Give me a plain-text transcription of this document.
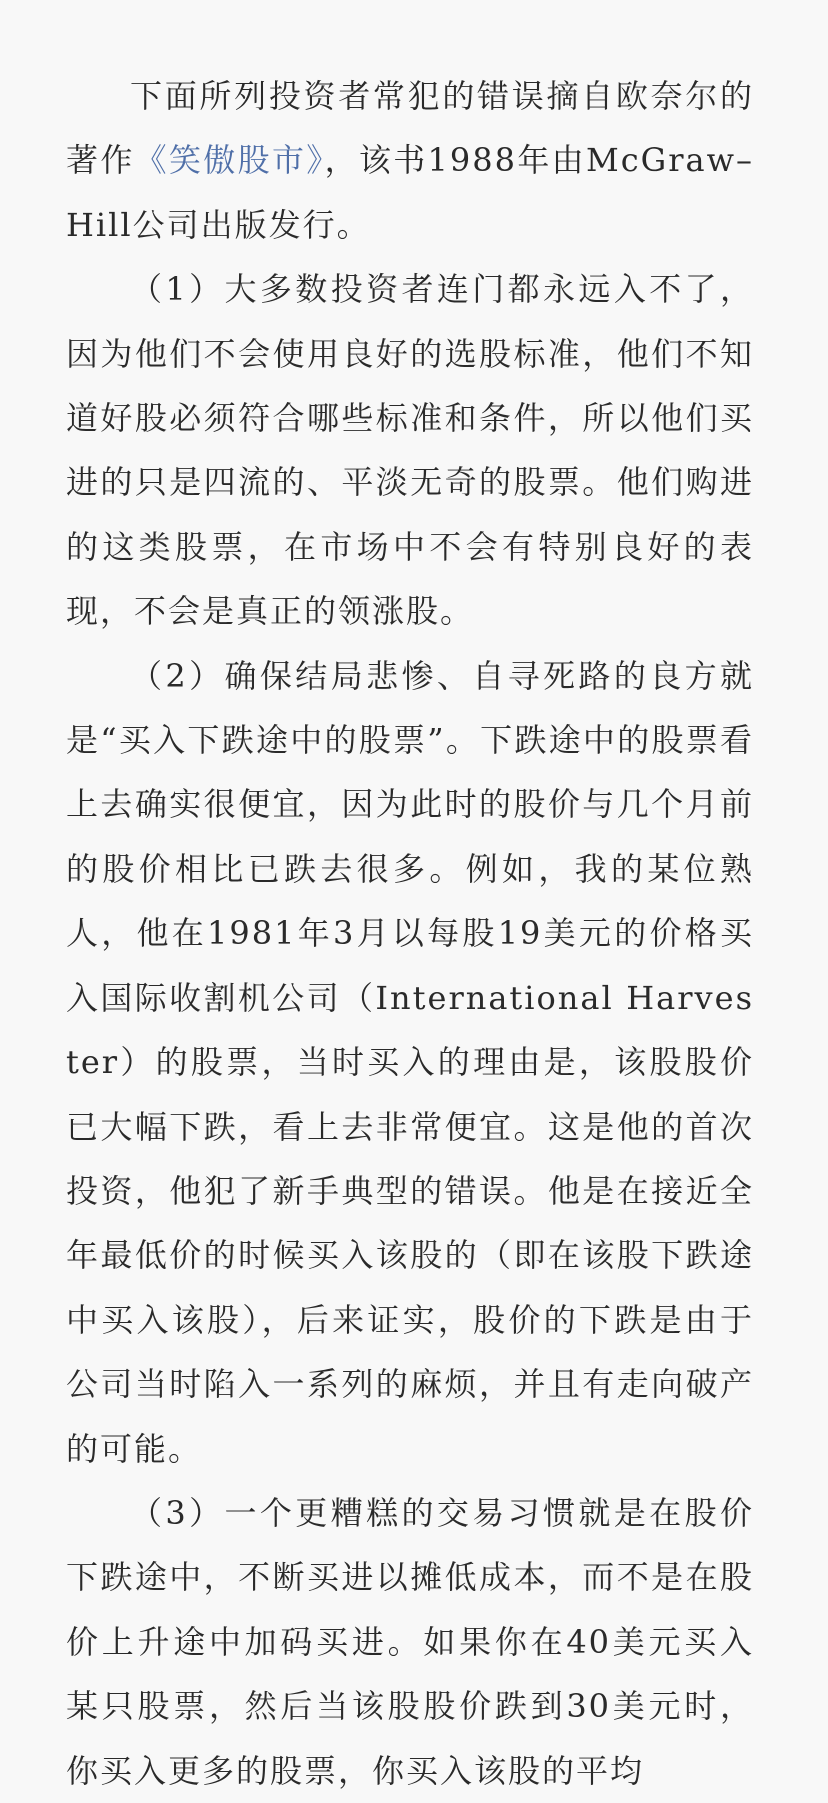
下面所列投资者常犯的错误摘自欧奈尔的著作《笑傲股市》，该书1988年由McGraw–Hill公司出版发行。

（1）大多数投资者连门都永远入不了，因为他们不会使用良好的选股标准，他们不知道好股必须符合哪些标准和条件，所以他们买进的只是四流的、平淡无奇的股票。他们购进的这类股票，在市场中不会有特别良好的表现，不会是真正的领涨股。

（2）确保结局悲惨、自寻死路的良方就是“买入下跌途中的股票”。下跌途中的股票看上去确实很便宜，因为此时的股价与几个月前的股价相比已跌去很多。例如，我的某位熟人，他在1981年3月以每股19美元的价格买入国际收割机公司（International Harvester）的股票，当时买入的理由是，该股股价已大幅下跌，看上去非常便宜。这是他的首次投资，他犯了新手典型的错误。他是在接近全年最低价的时候买入该股的（即在该股下跌途中买入该股），后来证实，股价的下跌是由于公司当时陷入一系列的麻烦，并且有走向破产的可能。

（3）一个更糟糕的交易习惯就是在股价下跌途中，不断买进以摊低成本，而不是在股价上升途中加码买进。如果你在40美元买入某只股票，然后当该股股价跌到30美元时，你买入更多的股票，你买入该股的平均
